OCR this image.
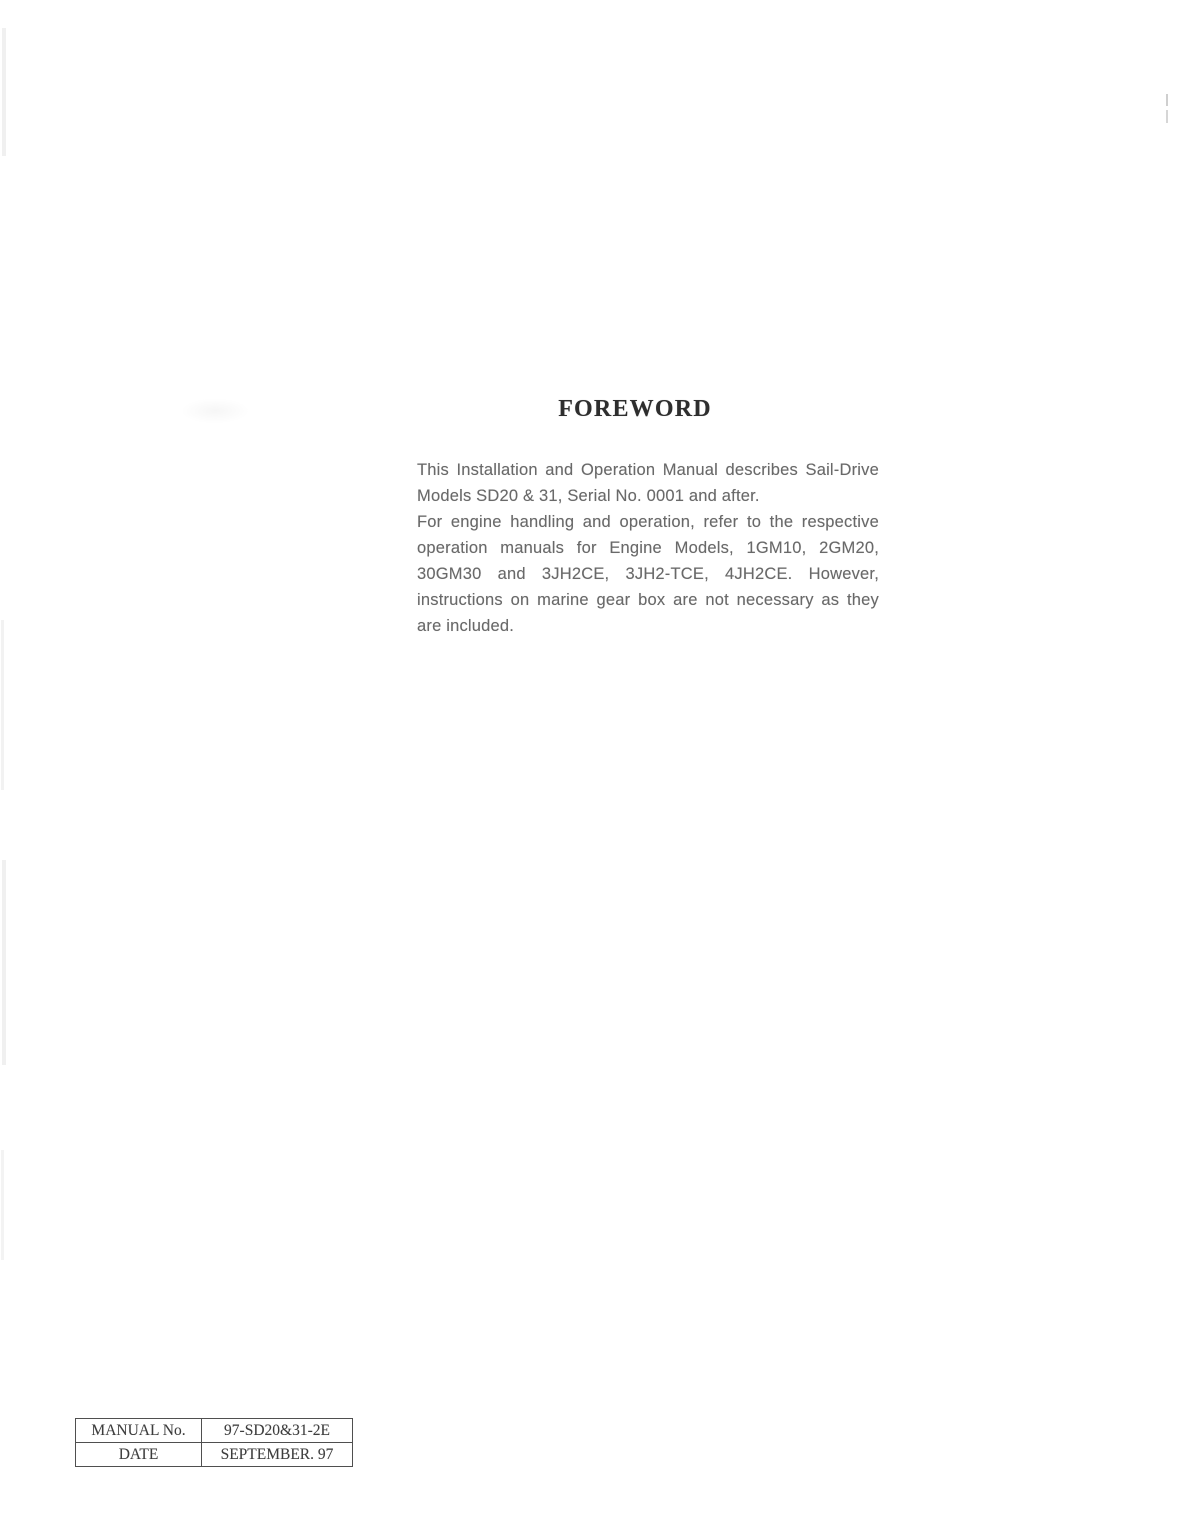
FOREWORD
This Installation and Operation Manual describes Sail-Drive
Models SD20 & 31, Serial No. 0001 and after.
For engine handling and operation, refer to the respective
operation manuals for Engine Models, 1GM10, 2GM20,
30GM30 and 3JH2CE, 3JH2-TCE, 4JH2CE. However,
instructions on marine gear box are not necessary as they
are included.
MANUAL No.	97-SD20&31-2E
DATE	SEPTEMBER. 97
